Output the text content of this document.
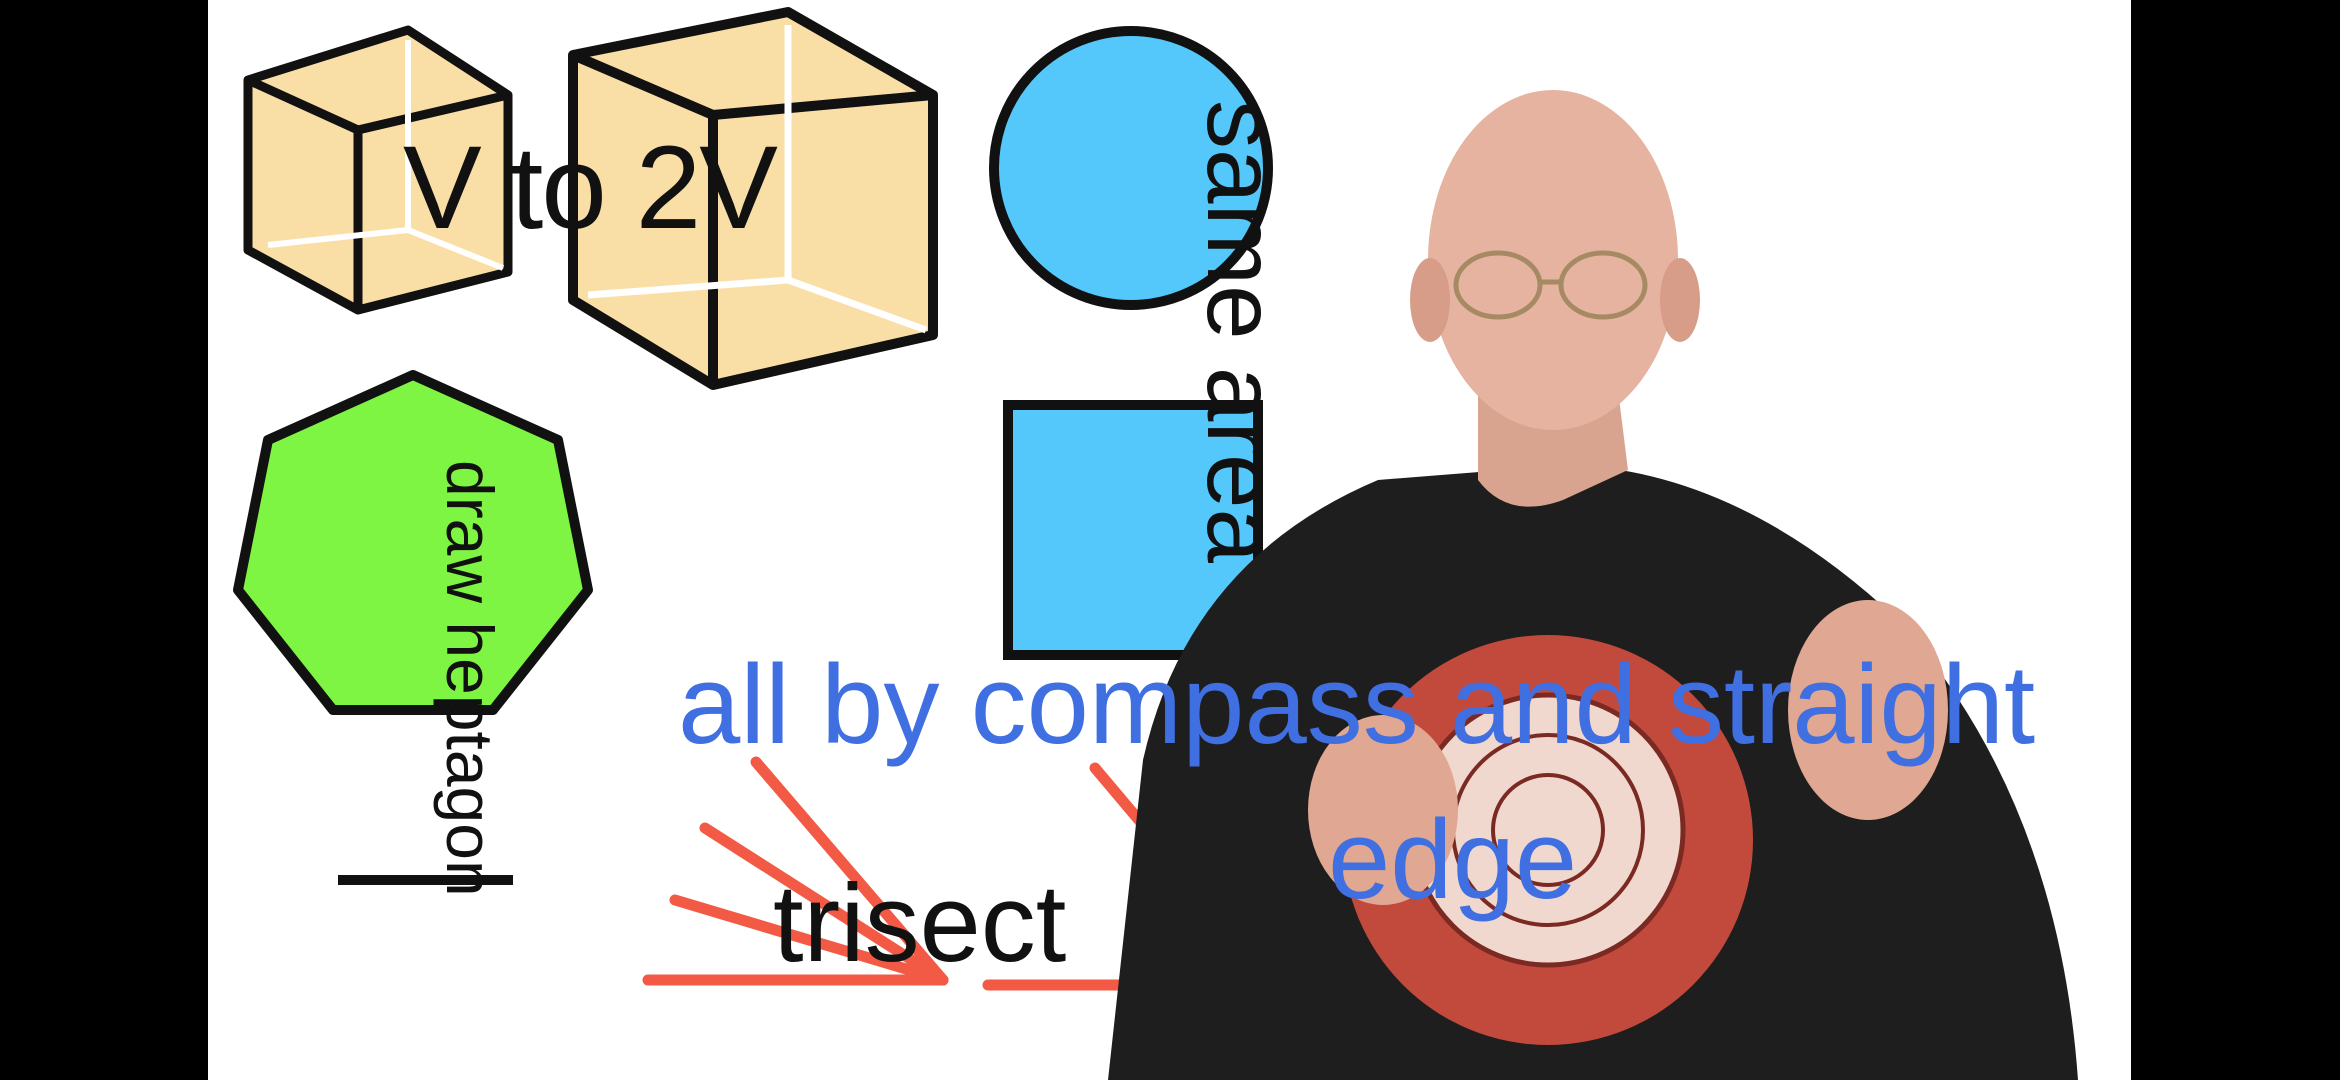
V to 2V	same area
draw heptagon
trisect
all by compass and straight
edge
